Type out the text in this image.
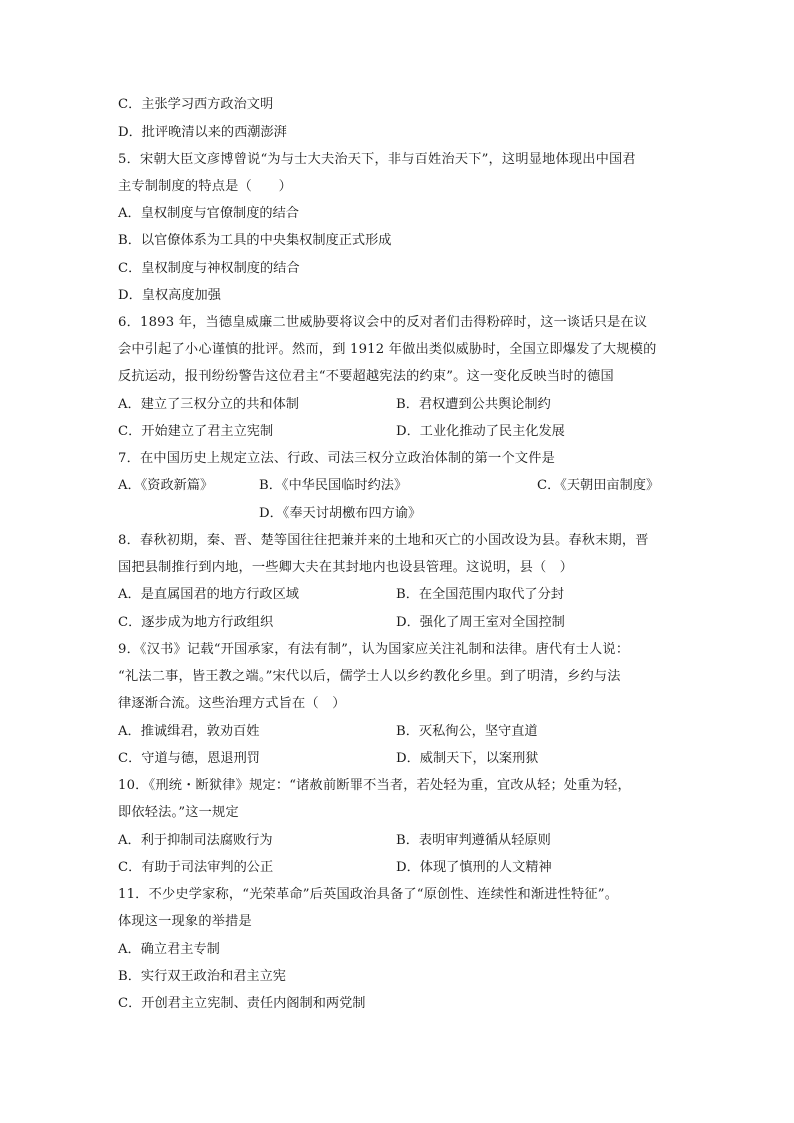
C．主张学习西方政治文明
D．批评晚清以来的西潮澎湃
5．宋朝大臣文彦博曾说“为与士大夫治天下，非与百姓治天下”，这明显地体现出中国君
主专制制度的特点是（　　）
A．皇权制度与官僚制度的结合
B．以官僚体系为工具的中央集权制度正式形成
C．皇权制度与神权制度的结合
D．皇权高度加强
6．1893 年，当德皇威廉二世威胁要将议会中的反对者们击得粉碎时，这一谈话只是在议
会中引起了小心谨慎的批评。然而，到 1912 年做出类似威胁时，全国立即爆发了大规模的
反抗运动，报刊纷纷警告这位君主“不要超越宪法的约束”。这一变化反映当时的德国
A．建立了三权分立的共和体制	B．君权遭到公共舆论制约
C．开始建立了君主立宪制	D．工业化推动了民主化发展
7．在中国历史上规定立法、行政、司法三权分立政治体制的第一个文件是
A．《资政新篇》	B．《中华民国临时约法》	C．《天朝田亩制度》
D．《奉天讨胡檄布四方谕》
8．春秋初期，秦、晋、楚等国往往把兼并来的土地和灭亡的小国改设为县。春秋末期，晋
国把县制推行到内地，一些卿大夫在其封地内也设县管理。这说明，县（　）
A．是直属国君的地方行政区域	B．在全国范围内取代了分封
C．逐步成为地方行政组织	D．强化了周王室对全国控制
9．《汉书》记载“开国承家，有法有制”，认为国家应关注礼制和法律。唐代有士人说：
“礼法二事，皆王教之端。”宋代以后，儒学士人以乡约教化乡里。到了明清，乡约与法
律逐渐合流。这些治理方式旨在（　）
A．推诚缉君，敦劝百姓	B．灭私徇公，坚守直道
C．守道与德，恩退刑罚	D．威制天下，以案刑狱
10．《刑统・断狱律》规定：“诸赦前断罪不当者，若处轻为重，宜改从轻；处重为轻，
即依轻法。”这一规定
A．利于抑制司法腐败行为	B．表明审判遵循从轻原则
C．有助于司法审判的公正	D．体现了慎刑的人文精神
11．不少史学家称，“光荣革命”后英国政治具备了“原创性、连续性和渐进性特征”。
体现这一现象的举措是
A．确立君主专制
B．实行双王政治和君主立宪
C．开创君主立宪制、责任内阁制和两党制
